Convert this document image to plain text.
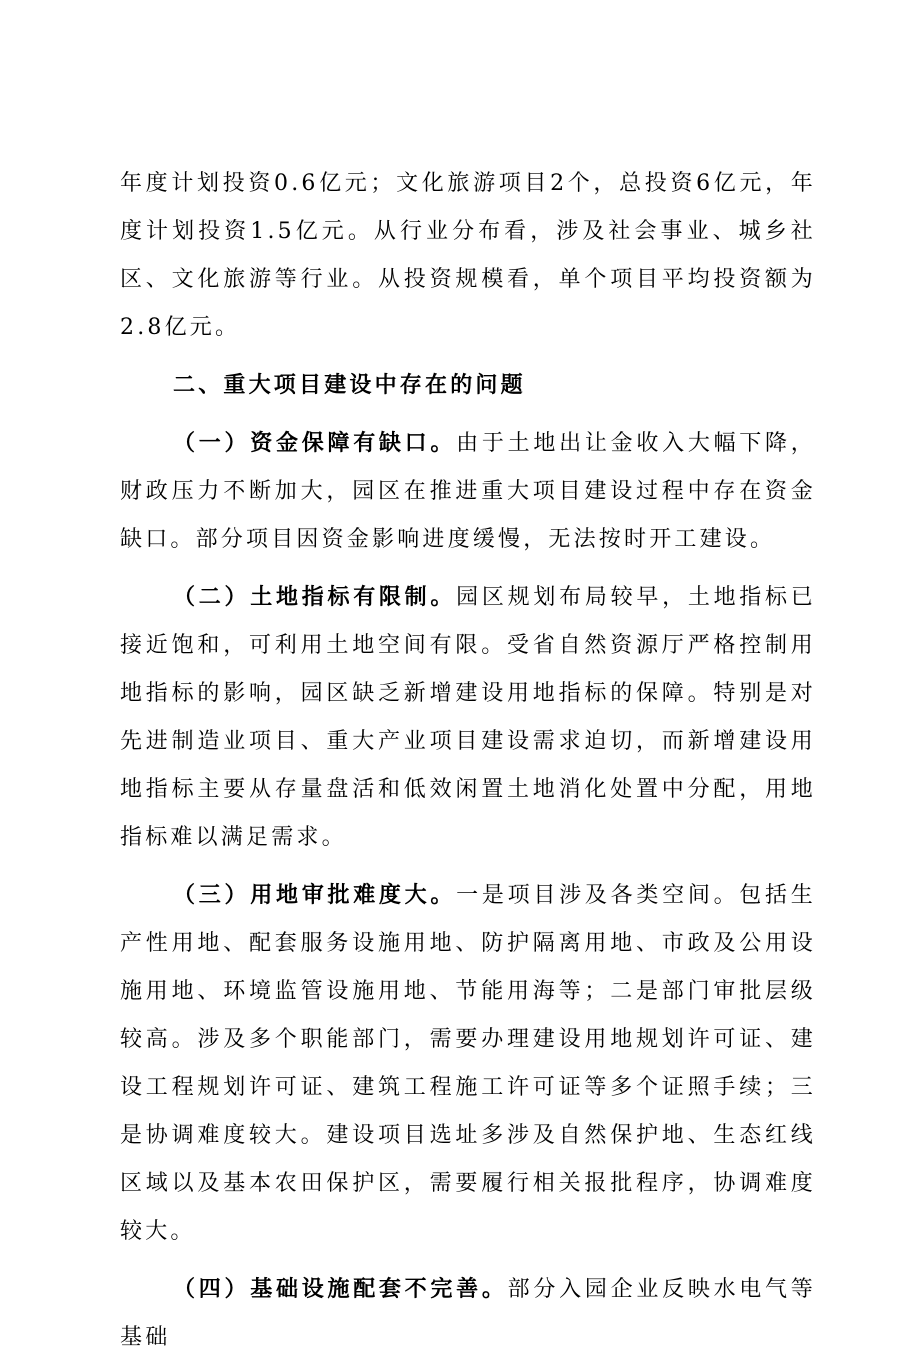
年度计划投资0.6亿元；文化旅游项目2个，总投资6亿元，年度计划投资1.5亿元。从行业分布看，涉及社会事业、城乡社区、文化旅游等行业。从投资规模看，单个项目平均投资额为2.8亿元。

二、重大项目建设中存在的问题

（一）资金保障有缺口。由于土地出让金收入大幅下降，财政压力不断加大，园区在推进重大项目建设过程中存在资金缺口。部分项目因资金影响进度缓慢，无法按时开工建设。

（二）土地指标有限制。园区规划布局较早，土地指标已接近饱和，可利用土地空间有限。受省自然资源厅严格控制用地指标的影响，园区缺乏新增建设用地指标的保障。特别是对先进制造业项目、重大产业项目建设需求迫切，而新增建设用地指标主要从存量盘活和低效闲置土地消化处置中分配，用地指标难以满足需求。

（三）用地审批难度大。一是项目涉及各类空间。包括生产性用地、配套服务设施用地、防护隔离用地、市政及公用设施用地、环境监管设施用地、节能用海等；二是部门审批层级较高。涉及多个职能部门，需要办理建设用地规划许可证、建设工程规划许可证、建筑工程施工许可证等多个证照手续；三是协调难度较大。建设项目选址多涉及自然保护地、生态红线区域以及基本农田保护区，需要履行相关报批程序，协调难度较大。

（四）基础设施配套不完善。部分入园企业反映水电气等基础
